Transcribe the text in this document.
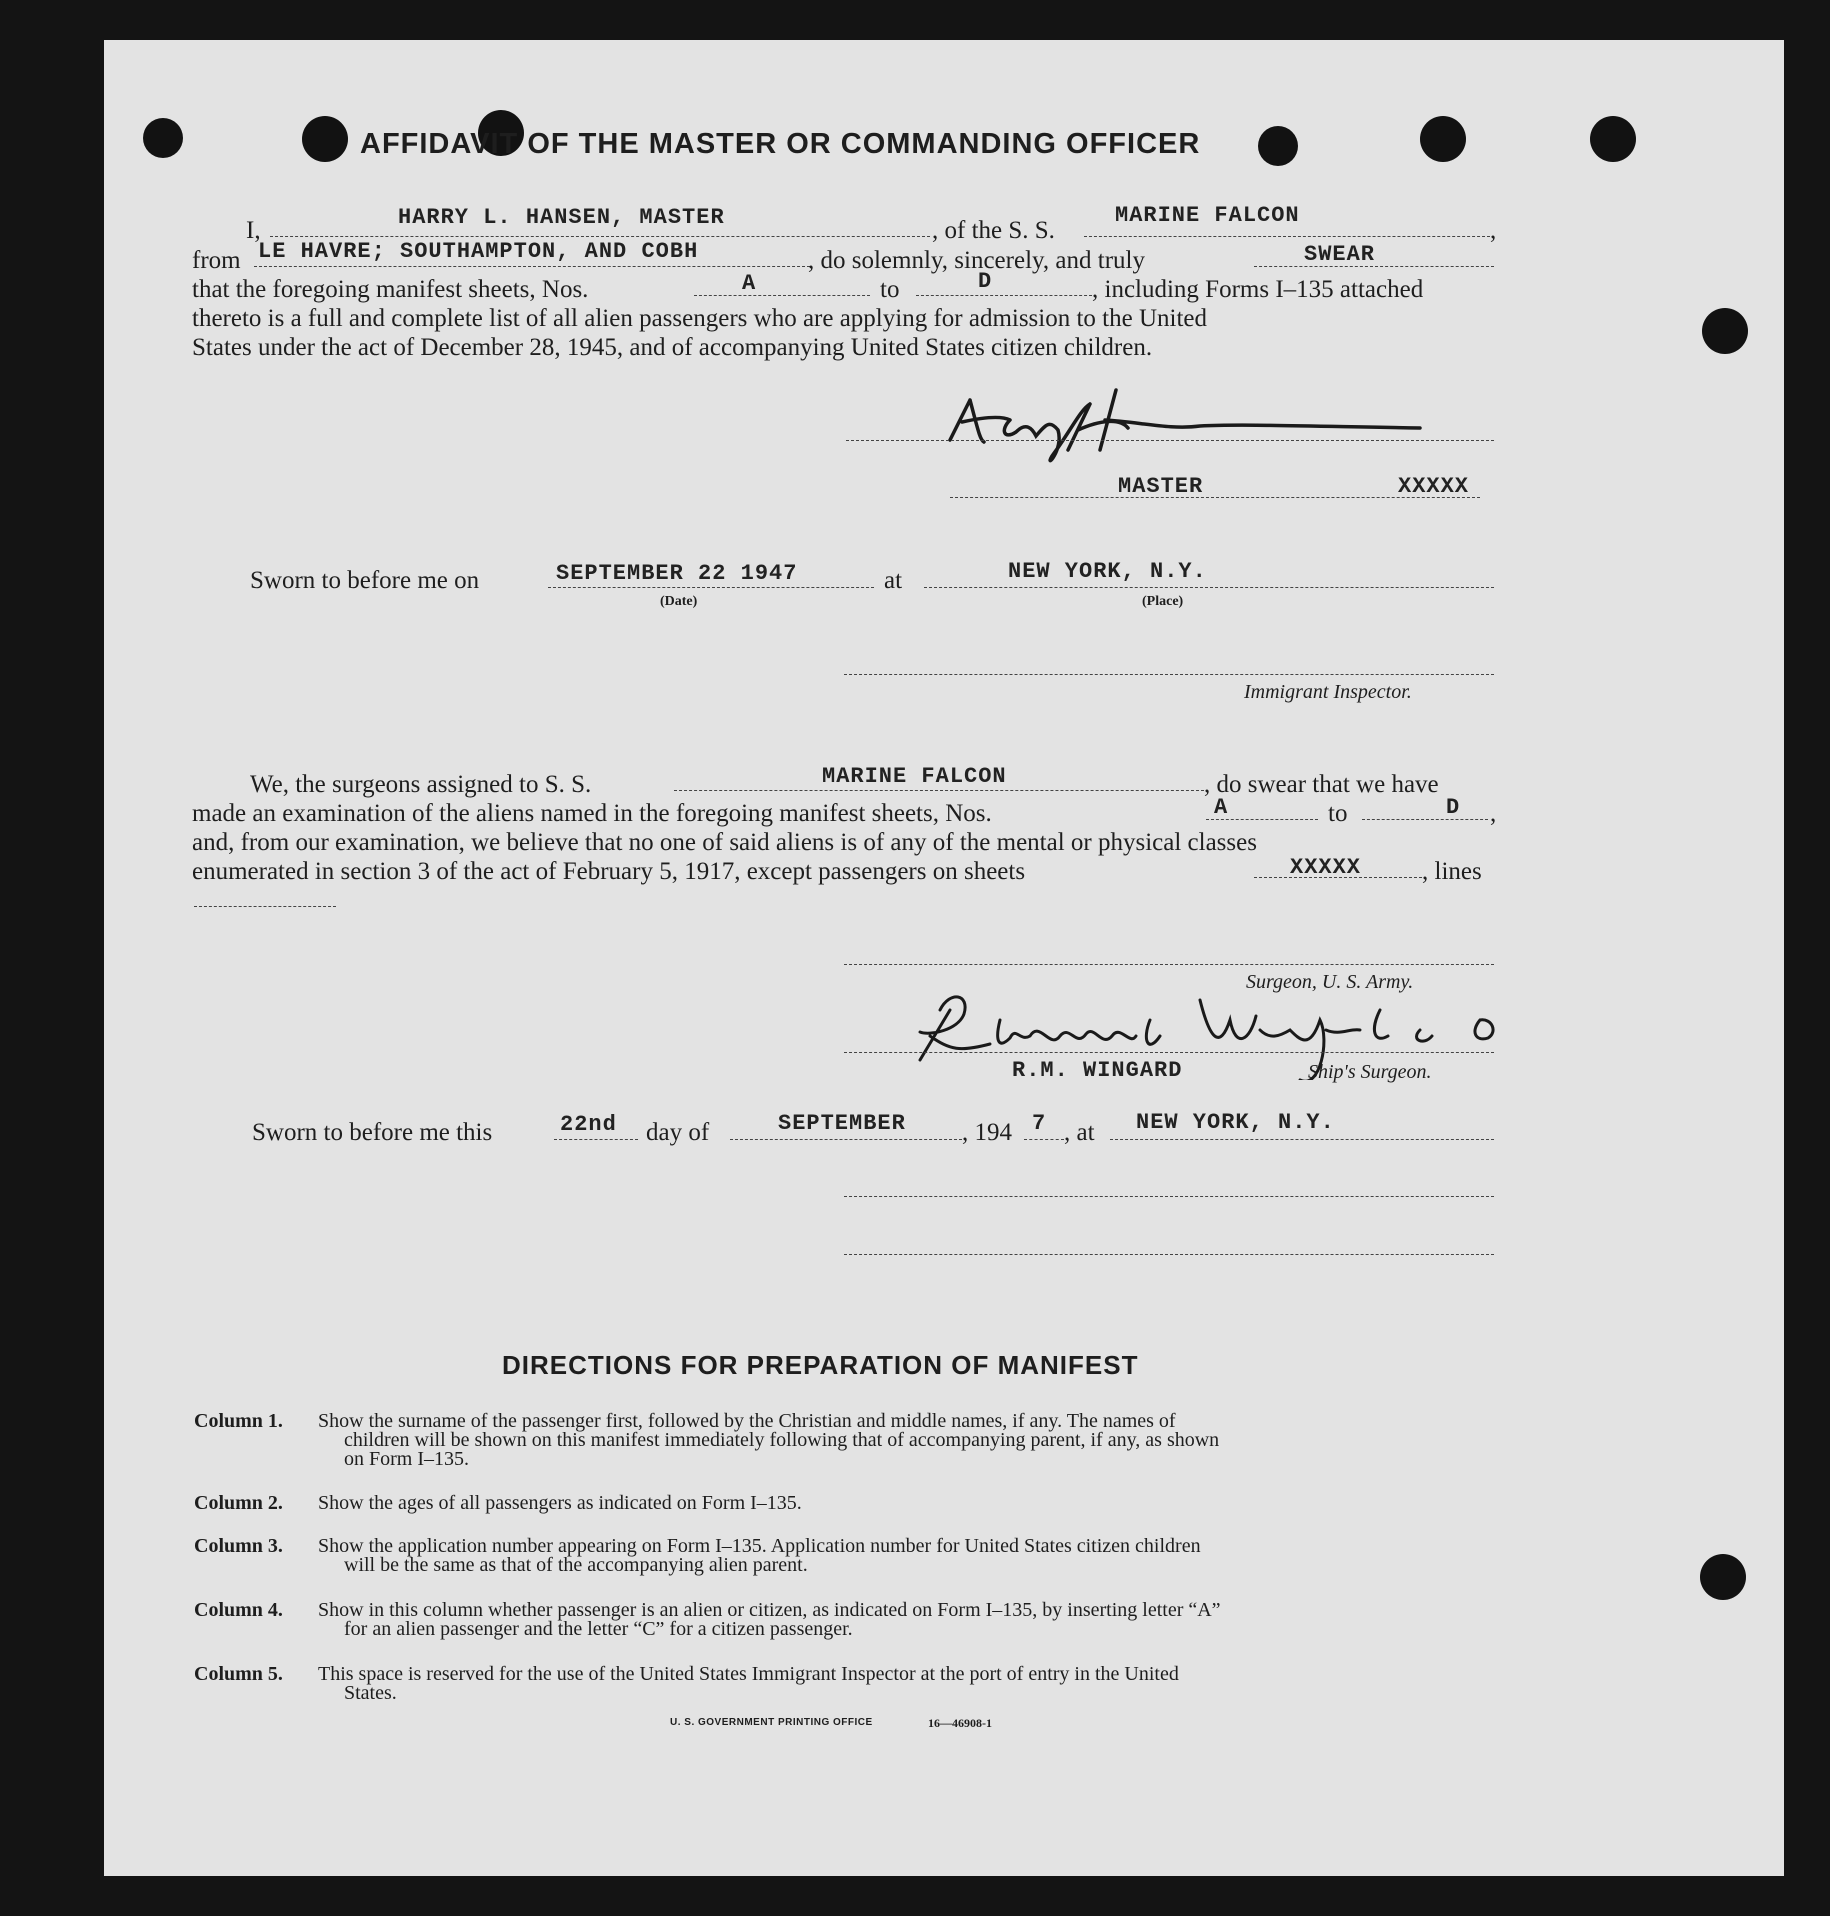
AFFIDAVIT OF THE MASTER OR COMMANDING OFFICER
I,	HARRY L. HANSEN, MASTER	, of the S. S.
MARINE FALCON
,
from LE HAVRE; SOUTHAMPTON, AND COBH	, do solemnly, sincerely, and truly	SWEAR
that the foregoing manifest sheets, Nos.	A	to	D	, including Forms I–135 attached
thereto is a full and complete list of all alien passengers who are applying for admission to the United
States under the act of December 28, 1945, and of accompanying United States citizen children.
MASTER	XXXXX
Sworn to before me on	SEPTEMBER 22 1947
(Date)
at	NEW YORK, N.Y.
(Place)
Immigrant Inspector.
We, the surgeons assigned to S. S.	MARINE FALCON	, do swear that we have
made an examination of the aliens named in the foregoing manifest sheets, Nos.	A	to	D ,
and, from our examination, we believe that no one of said aliens is of any of the mental or physical classes
enumerated in section 3 of the act of February 5, 1917, except passengers on sheets	XXXXX , lines
Surgeon, U. S. Army.
R.M. WINGARD	Ship's Surgeon.
Sworn to before me this	22nd day of	SEPTEMBER , 194 7 , at NEW YORK, N.Y.
DIRECTIONS FOR PREPARATION OF MANIFEST
Column 1. Show the surname of the passenger first, followed by the Christian and middle names, if any. The names of
children will be shown on this manifest immediately following that of accompanying parent, if any, as shown
on Form I–135.
Column 2. Show the ages of all passengers as indicated on Form I–135.
Column 3. Show the application number appearing on Form I–135. Application number for United States citizen children
will be the same as that of the accompanying alien parent.
Column 4. Show in this column whether passenger is an alien or citizen, as indicated on Form I–135, by inserting letter “A”
for an alien passenger and the letter “C” for a citizen passenger.
Column 5. This space is reserved for the use of the United States Immigrant Inspector at the port of entry in the United
States.
U. S. GOVERNMENT PRINTING OFFICE	16—46908-1
